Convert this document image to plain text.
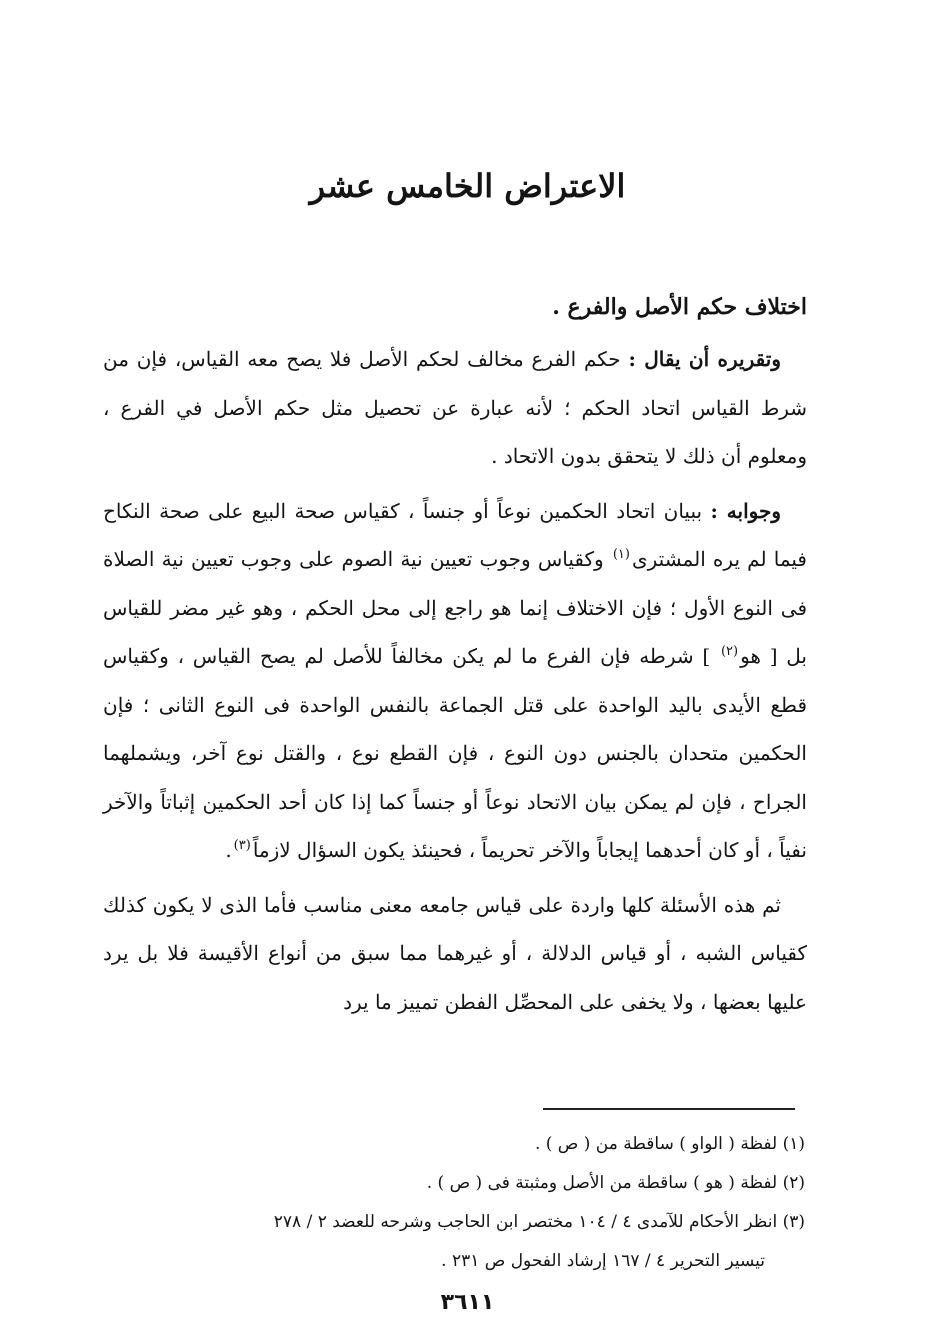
الاعتراض الخامس عشر
اختلاف حكم الأصل والفرع .

وتقريره أن يقال : حكم الفرع مخالف لحكم الأصل فلا يصح معه القياس، فإن من شرط القياس اتحاد الحكم ؛ لأنه عبارة عن تحصيل مثل حكم الأصل في الفرع ، ومعلوم أن ذلك لا يتحقق بدون الاتحاد .

وجوابه : ببيان اتحاد الحكمين نوعاً أو جنساً ، كقياس صحة البيع على صحة النكاح فيما لم يره المشترى$^{(١)}$ وكقياس وجوب تعيين نية الصوم على وجوب تعيين نية الصلاة فى النوع الأول ؛ فإن الاختلاف إنما هو راجع إلى محل الحكم ، وهو غير مضر للقياس بل [ هو$^{(٢)}$ ] شرطه فإن الفرع ما لم يكن مخالفاً للأصل لم يصح القياس ، وكقياس قطع الأيدى باليد الواحدة على قتل الجماعة بالنفس الواحدة فى النوع الثانى ؛ فإن الحكمين متحدان بالجنس دون النوع ، فإن القطع نوع ، والقتل نوع آخر، ويشملهما الجراح ، فإن لم يمكن بيان الاتحاد نوعاً أو جنساً كما إذا كان أحد الحكمين إثباتاً والآخر نفياً ، أو كان أحدهما إيجاباً والآخر تحريماً ، فحينئذ يكون السؤال لازماً$^{(٣)}$.

ثم هذه الأسئلة كلها واردة على قياس جامعه معنى مناسب فأما الذى لا يكون كذلك كقياس الشبه ، أو قياس الدلالة ، أو غيرهما مما سبق من أنواع الأقيسة فلا بل يرد عليها بعضها ، ولا يخفى على المحصِّل الفطن تمييز ما يرد

(١) لفظة ( الواو ) ساقطة من ( ص ) .
(٢) لفظة ( هو ) ساقطة من الأصل ومثبتة فى ( ص ) .
(٣) انظر الأحكام للآمدى ٤ / ١٠٤ مختصر ابن الحاجب وشرحه للعضد ٢ / ٢٧٨
تيسير التحرير ٤ / ١٦٧ إرشاد الفحول ص ٢٣١ .
٣٦١١
